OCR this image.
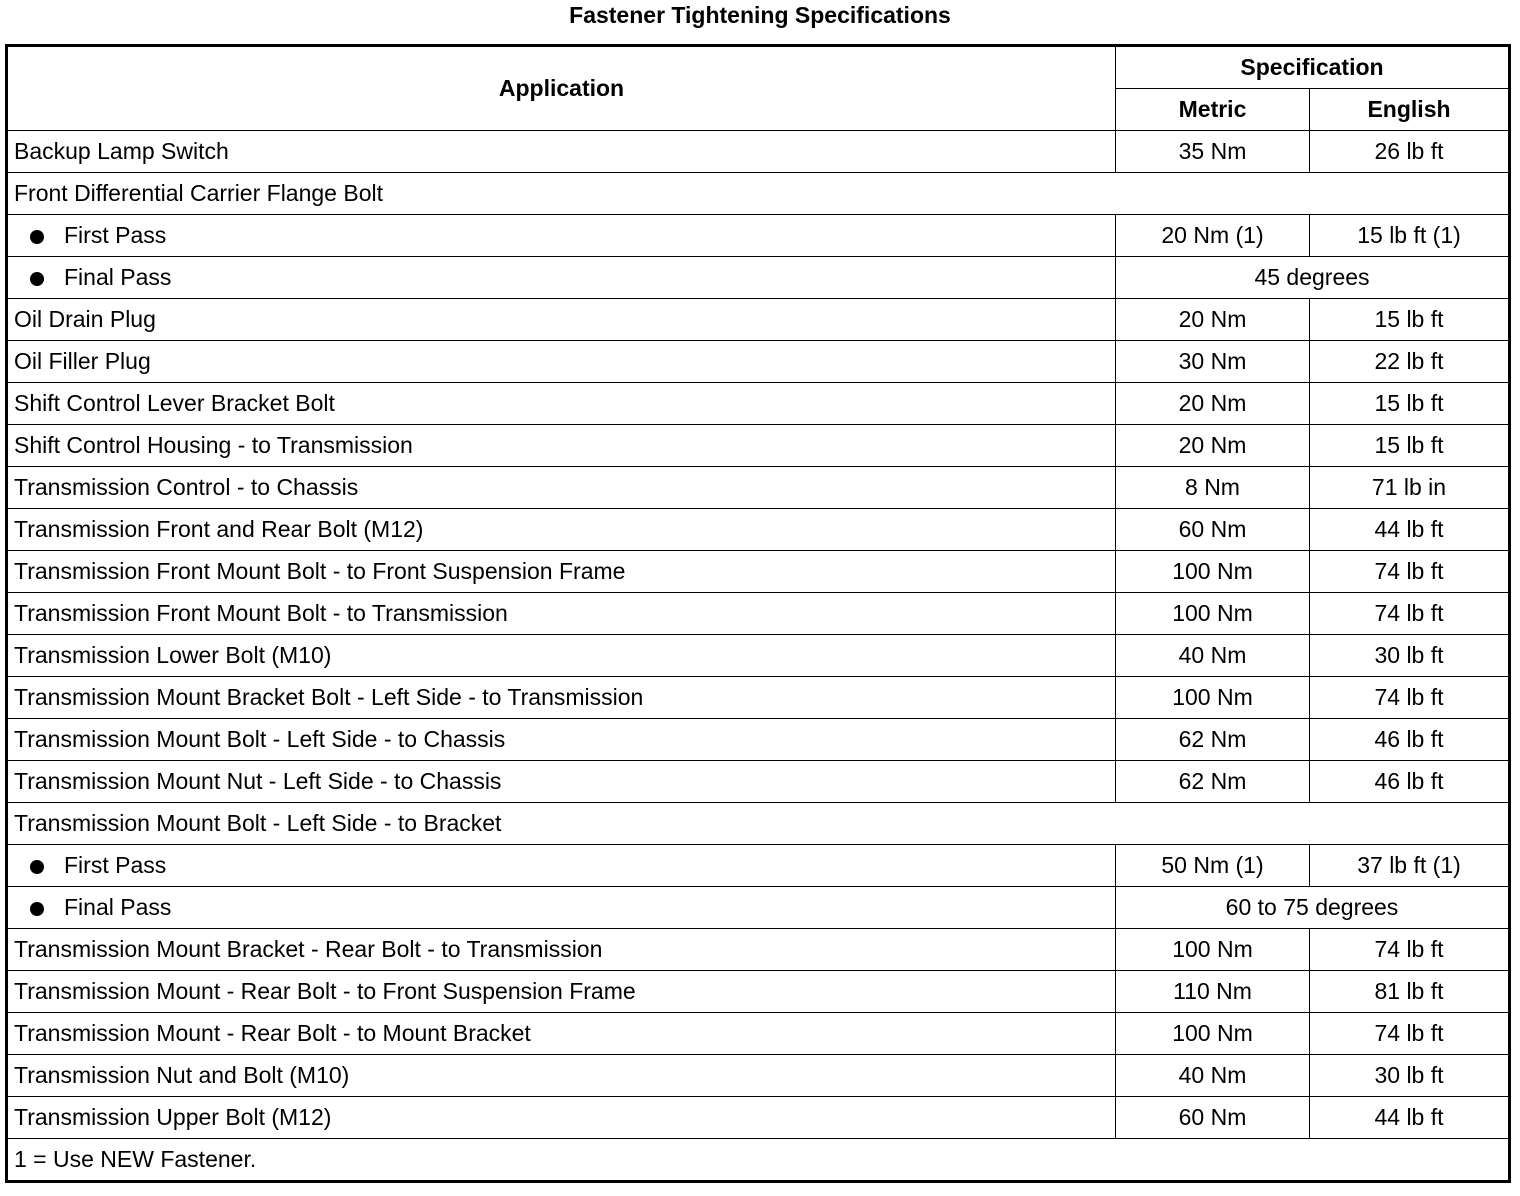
Fastener Tightening Specifications
Application	Specification	
	Metric	English
Backup Lamp Switch	35 Nm	26 lb ft
Front Differential Carrier Flange Bolt		
First Pass	20 Nm (1)	15 lb ft (1)
Final Pass	45 degrees	
Oil Drain Plug	20 Nm	15 lb ft
Oil Filler Plug	30 Nm	22 lb ft
Shift Control Lever Bracket Bolt	20 Nm	15 lb ft
Shift Control Housing - to Transmission	20 Nm	15 lb ft
Transmission Control - to Chassis	8 Nm	71 lb in
Transmission Front and Rear Bolt (M12)	60 Nm	44 lb ft
Transmission Front Mount Bolt - to Front Suspension Frame	100 Nm	74 lb ft
Transmission Front Mount Bolt - to Transmission	100 Nm	74 lb ft
Transmission Lower Bolt (M10)	40 Nm	30 lb ft
Transmission Mount Bracket Bolt - Left Side - to Transmission	100 Nm	74 lb ft
Transmission Mount Bolt - Left Side - to Chassis	62 Nm	46 lb ft
Transmission Mount Nut - Left Side - to Chassis	62 Nm	46 lb ft
Transmission Mount Bolt - Left Side - to Bracket		
First Pass	50 Nm (1)	37 lb ft (1)
Final Pass	60 to 75 degrees	
Transmission Mount Bracket - Rear Bolt - to Transmission	100 Nm	74 lb ft
Transmission Mount - Rear Bolt - to Front Suspension Frame	110 Nm	81 lb ft
Transmission Mount - Rear Bolt - to Mount Bracket	100 Nm	74 lb ft
Transmission Nut and Bolt (M10)	40 Nm	30 lb ft
Transmission Upper Bolt (M12)	60 Nm	44 lb ft
1 = Use NEW Fastener.		
